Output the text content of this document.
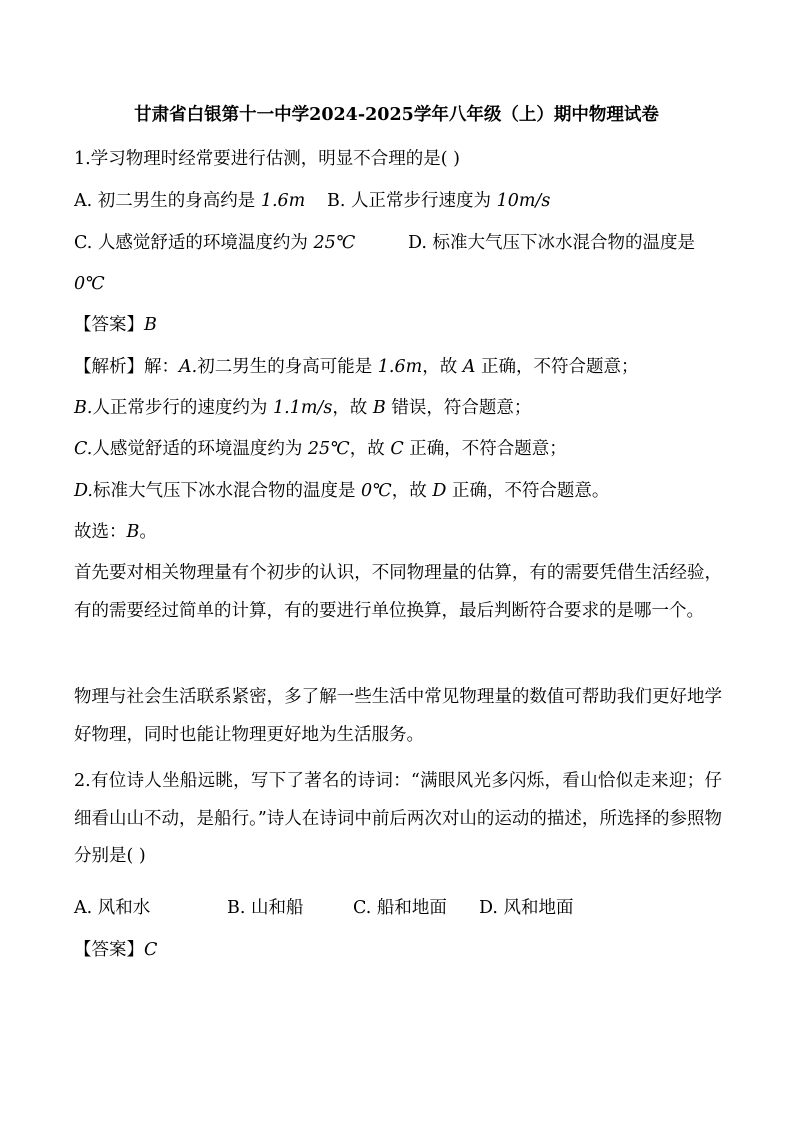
甘肃省白银第十一中学2024-2025学年八年级（上）期中物理试卷
1.学习物理时经常要进行估测，明显不合理的是( )
A. 初二男生的身高约是 1.6m B. 人正常步行速度为 10m/s
C. 人感觉舒适的环境温度约为 25℃	D. 标准大气压下冰水混合物的温度是
0℃
【答案】B
【解析】解：A.初二男生的身高可能是 1.6m，故 A 正确，不符合题意；
B.人正常步行的速度约为 1.1m/s，故 B 错误，符合题意；
C.人感觉舒适的环境温度约为 25℃，故 C 正确，不符合题意；
D.标准大气压下冰水混合物的温度是 0℃，故 D 正确，不符合题意。
故选：B。
首先要对相关物理量有个初步的认识，不同物理量的估算，有的需要凭借生活经验，有的需要经过简单的计算，有的要进行单位换算，最后判断符合要求的是哪一个。
物理与社会生活联系紧密，多了解一些生活中常见物理量的数值可帮助我们更好地学好物理，同时也能让物理更好地为生活服务。
2.有位诗人坐船远眺，写下了著名的诗词：“满眼风光多闪烁，看山恰似走来迎；仔细看山山不动，是船行。”诗人在诗词中前后两次对山的运动的描述，所选择的参照物分别是( )
A. 风和水	B. 山和船	C. 船和地面 D. 风和地面
【答案】C
